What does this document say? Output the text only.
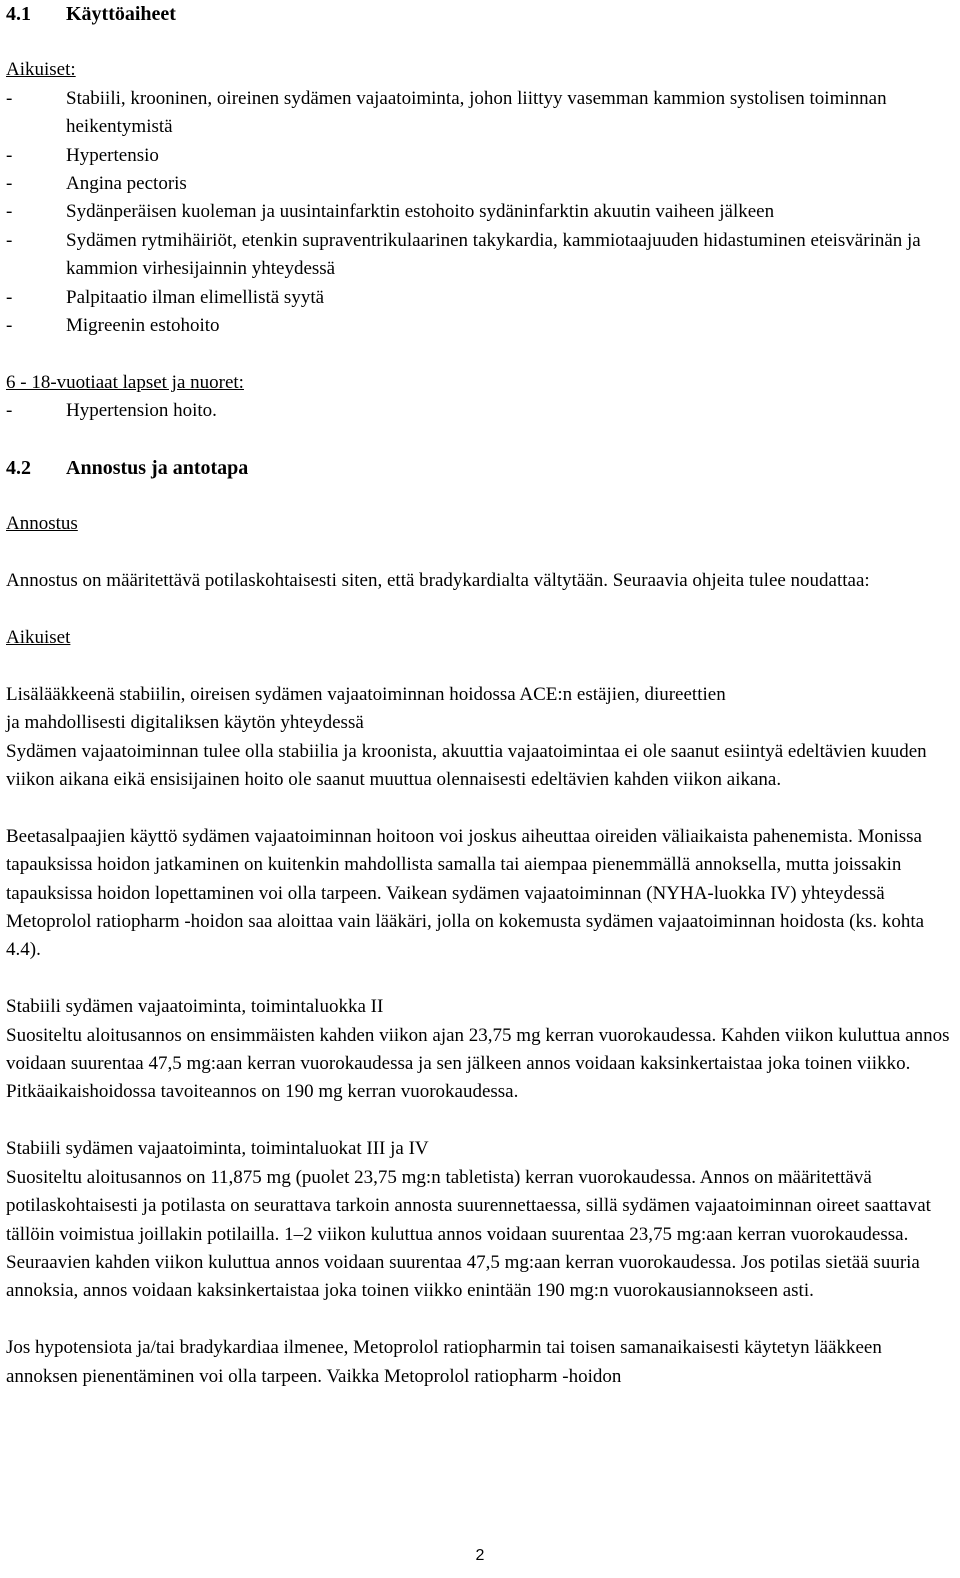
4.1	Käyttöaiheet

Aikuiset:

-	Stabiili, krooninen, oireinen sydämen vajaatoiminta, johon liittyy vasemman kammion systolisen toiminnan heikentymistä
-	Hypertensio
-	Angina pectoris
-	Sydänperäisen kuoleman ja uusintainfarktin estohoito sydäninfarktin akuutin vaiheen jälkeen
-	Sydämen rytmihäiriöt, etenkin supraventrikulaarinen takykardia, kammiotaajuuden hidastuminen eteisvärinän ja kammion virhesijainnin yhteydessä
-	Palpitaatio ilman elimellistä syytä
-	Migreenin estohoito

6 - 18-vuotiaat lapset ja nuoret:

-	Hypertension hoito.
4.2	Annostus ja antotapa

Annostus

Annostus on määritettävä potilaskohtaisesti siten, että bradykardialta vältytään. Seuraavia ohjeita tulee noudattaa:

Aikuiset

Lisälääkkeenä stabiilin, oireisen sydämen vajaatoiminnan hoidossa ACE:n estäjien, diureettien

ja mahdollisesti digitaliksen käytön yhteydessä

Sydämen vajaatoiminnan tulee olla stabiilia ja kroonista, akuuttia vajaatoimintaa ei ole saanut esiintyä edeltävien kuuden viikon aikana eikä ensisijainen hoito ole saanut muuttua olennaisesti edeltävien kahden viikon aikana.

Beetasalpaajien käyttö sydämen vajaatoiminnan hoitoon voi joskus aiheuttaa oireiden väliaikaista pahenemista. Monissa tapauksissa hoidon jatkaminen on kuitenkin mahdollista samalla tai aiempaa pienemmällä annoksella, mutta joissakin tapauksissa hoidon lopettaminen voi olla tarpeen. Vaikean sydämen vajaatoiminnan (NYHA-luokka IV) yhteydessä Metoprolol ratiopharm -hoidon saa aloittaa vain lääkäri, jolla on kokemusta sydämen vajaatoiminnan hoidosta (ks. kohta 4.4).

Stabiili sydämen vajaatoiminta, toimintaluokka II

Suositeltu aloitusannos on ensimmäisten kahden viikon ajan 23,75 mg kerran vuorokaudessa. Kahden viikon kuluttua annos voidaan suurentaa 47,5 mg:aan kerran vuorokaudessa ja sen jälkeen annos voidaan kaksinkertaistaa joka toinen viikko. Pitkäaikaishoidossa tavoiteannos on 190 mg kerran vuorokaudessa.

Stabiili sydämen vajaatoiminta, toimintaluokat III ja IV

Suositeltu aloitusannos on 11,875 mg (puolet 23,75 mg:n tabletista) kerran vuorokaudessa. Annos on määritettävä potilaskohtaisesti ja potilasta on seurattava tarkoin annosta suurennettaessa, sillä sydämen vajaatoiminnan oireet saattavat tällöin voimistua joillakin potilailla. 1–2 viikon kuluttua annos voidaan suurentaa 23,75 mg:aan kerran vuorokaudessa. Seuraavien kahden viikon kuluttua annos voidaan suurentaa 47,5 mg:aan kerran vuorokaudessa. Jos potilas sietää suuria annoksia, annos voidaan kaksinkertaistaa joka toinen viikko enintään 190 mg:n vuorokausiannokseen asti.

Jos hypotensiota ja/tai bradykardiaa ilmenee, Metoprolol ratiopharmin tai toisen samanaikaisesti käytetyn lääkkeen annoksen pienentäminen voi olla tarpeen. Vaikka Metoprolol ratiopharm -hoidon

2
